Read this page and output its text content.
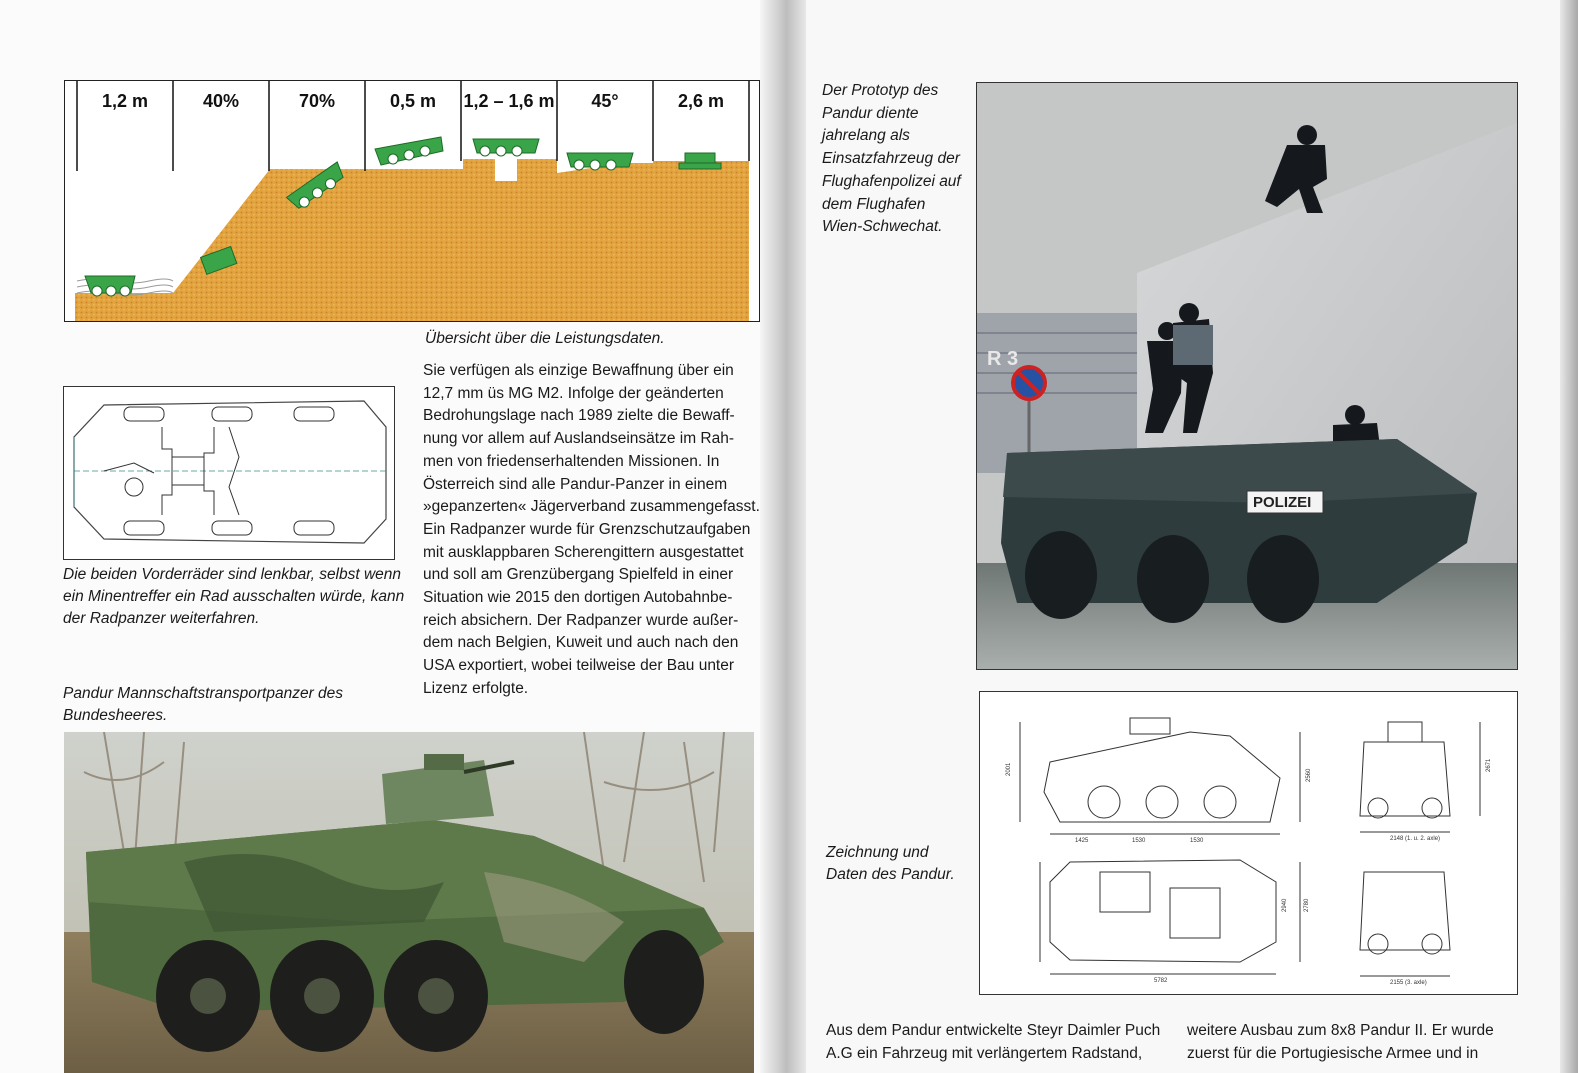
1,2 m	40%	70%	0,5 m	1,2 – 1,6 m	45°	2,6 m
Übersicht über die Leistungsdaten.
Die beiden Vorderräder sind lenkbar, selbst wenn
ein Minentreffer ein Rad ausschalten würde, kann
der Radpanzer weiterfahren.
Sie verfügen als einzige Bewaffnung über ein
12,7 mm üs MG M2. Infolge der geänderten
Bedrohungslage nach 1989 zielte die Bewaff-
nung vor allem auf Auslandseinsätze im Rah-
men von friedenserhaltenden Missionen. In
Österreich sind alle Pandur-Panzer in einem
»gepanzerten« Jägerverband zusammengefasst.
Ein Radpanzer wurde für Grenzschutzaufgaben
mit ausklappbaren Scherengittern ausgestattet
und soll am Grenzübergang Spielfeld in einer
Situation wie 2015 den dortigen Autobahnbe-
reich absichern. Der Radpanzer wurde außer-
dem nach Belgien, Kuweit und auch nach den
USA exportiert, wobei teilweise der Bau unter
Lizenz erfolgte.
Pandur Mannschaftstransportpanzer des
Bundesheeres.
Der Prototyp des
Pandur diente
jahrelang als
Einsatzfahrzeug der
Flughafenpolizei auf
dem Flughafen
Wien-Schwechat.
R 3
POLIZEI
Zeichnung und
Daten des Pandur.
2001
1425	1530	1530
2560
2671
2148 (1. u. 2. axle)
2940	2780
5782	2155 (3. axle)
Aus dem Pandur entwickelte Steyr Daimler Puch
A.G ein Fahrzeug mit verlängertem Radstand,
weitere Ausbau zum 8x8 Pandur II. Er wurde
zuerst für die Portugiesische Armee und in
